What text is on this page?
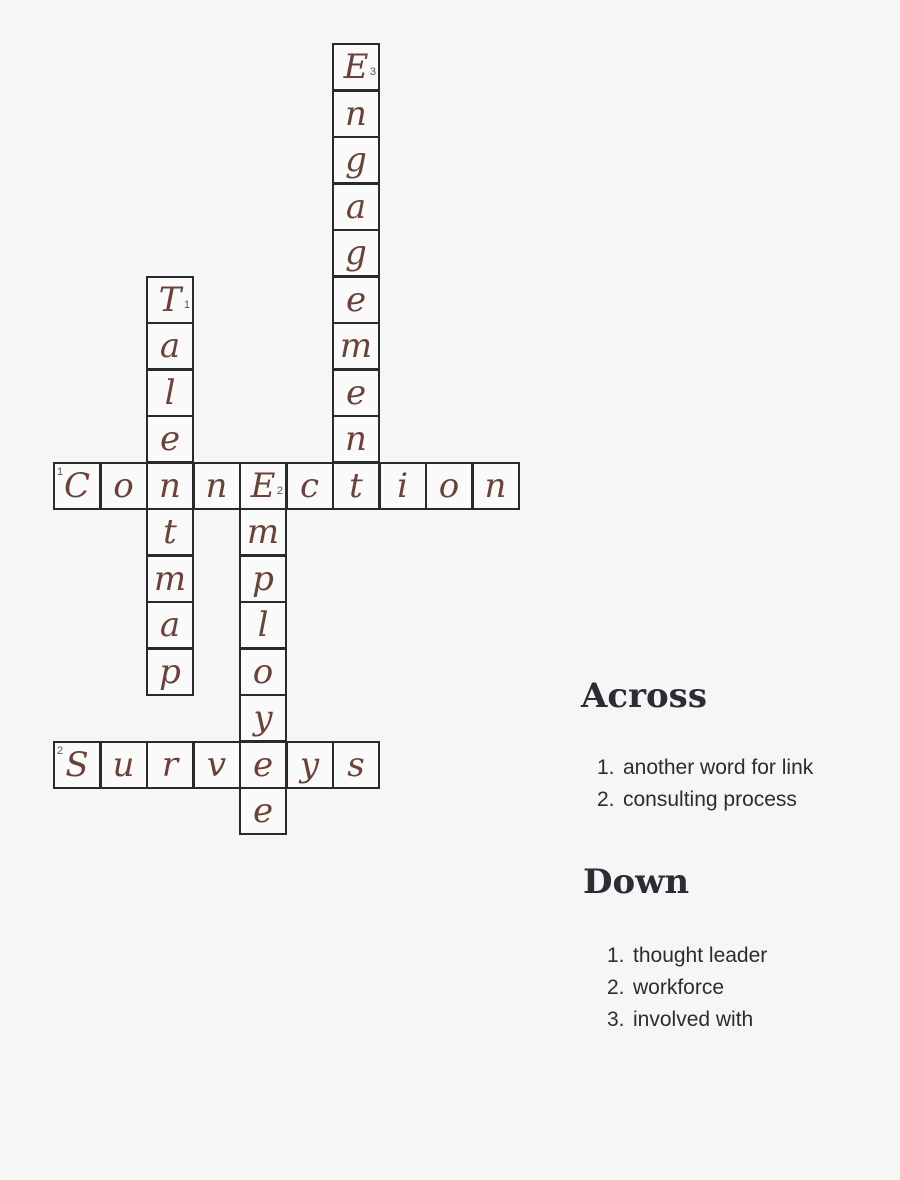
1 C o n n	2
E c t	i o n
2 S u r v e y s
1
T
a
l
e
t
m
a
p
m
p
l
o
y
e
3
E
n
g
a
g
e
m
e
n
Across
1. another word for link
2. consulting process
Down
1. thought leader
2. workforce
3. involved with
